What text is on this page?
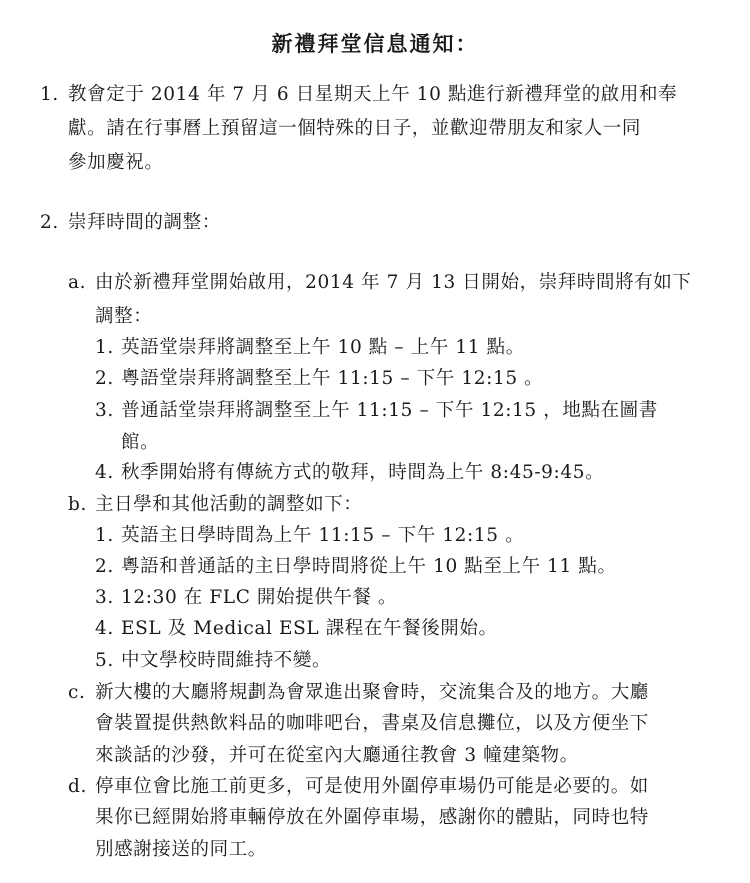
新禮拜堂信息通知：
1. 教會定于 2014 年 7 月 6 日星期天上午 10 點進行新禮拜堂的啟用和奉
獻。請在行事曆上預留這一個特殊的日子，並歡迎帶朋友和家人一同
參加慶祝。
2. 崇拜時間的調整：
a. 由於新禮拜堂開始啟用，2014 年 7 月 13 日開始，崇拜時間將有如下
調整：
1. 英語堂崇拜將調整至上午 10 點 – 上午 11 點。
2. 粵語堂崇拜將調整至上午 11:15 – 下午 12:15 。
3. 普通話堂崇拜將調整至上午 11:15 – 下午 12:15 ，地點在圖書
館。
4. 秋季開始將有傳統方式的敬拜，時間為上午 8:45-9:45。
b. 主日學和其他活動的調整如下：
1. 英語主日學時間為上午 11:15 – 下午 12:15 。
2. 粵語和普通話的主日學時間將從上午 10 點至上午 11 點。
3. 12:30 在 FLC 開始提供午餐 。
4. ESL 及 Medical ESL 課程在午餐後開始。
5. 中文學校時間維持不變。
c. 新大樓的大廳將規劃為會眾進出聚會時，交流集合及的地方。大廳
會裝置提供熱飲料品的咖啡吧台，書桌及信息攤位，以及方便坐下
來談話的沙發，并可在從室內大廳通往教會 3 幢建築物。
d. 停車位會比施工前更多，可是使用外圍停車場仍可能是必要的。如
果你已經開始將車輛停放在外圍停車場，感謝你的體貼，同時也特
別感謝接送的同工。
